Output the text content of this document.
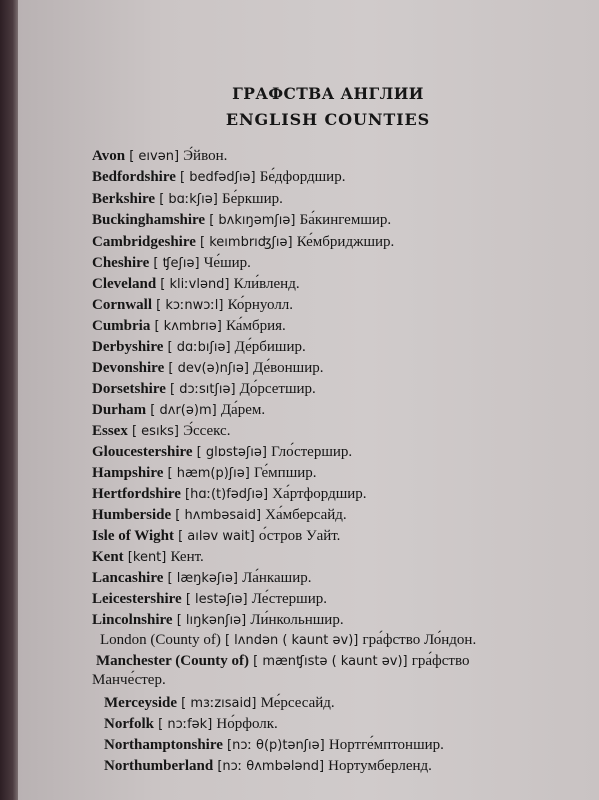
ГРАФСТВА АНГЛИИ
ENGLISH COUNTIES
Avon [ eıvən] Э́йвон.
Bedfordshire [ bedfədʃıə] Бе́дфордшир.
Berkshire [ bɑːkʃıə] Бе́ркшир.
Buckinghamshire [ bʌkıŋəmʃıə] Ба́кингемшир.
Cambridgeshire [ keımbrıʤʃıə] Ке́мбриджшир.
Cheshire [ ʧeʃıə] Че́шир.
Cleveland [ kliːvlənd] Кли́вленд.
Cornwall [ kɔːnwɔːl] Ко́рнуолл.
Cumbria [ kʌmbrıə] Ка́мбрия.
Derbyshire [ dɑːbıʃıə] Де́рбишир.
Devonshire [ dev(ə)nʃıə] Де́воншир.
Dorsetshire [ dɔːsıtʃıə] До́рсетшир.
Durham [ dʌr(ə)m] Да́рем.
Essex [ esıks] Э́ссекс.
Gloucestershire [ glɒstəʃıə] Гло́стершир.
Hampshire [ hæm(p)ʃıə] Ге́мпшир.
Hertfordshire [hɑː(t)fədʃıə] Ха́ртфордшир.
Humberside [ hʌmbəsaid] Ха́мберсайд.
Isle of Wight [ aılәv wait] о́стров Уайт.
Kent [kent] Кент.
Lancashire [ læŋkəʃıə] Ла́нкашир.
Leicestershire [ lestəʃıə] Ле́стершир.
Lincolnshire [ lıŋkənʃıə] Ли́нкольншир.
London (County of) [ lʌndən ( kaunt əv)] гра́фство Ло́ндон.
Manchester (County of) [ mænʧıstə ( kaunt əv)] гра́фство
Манче́стер.
Merceyside [ mɜːzısaid] Ме́рсесайд.
Norfolk [ nɔːfək] Но́рфолк.
Northamptonshire [nɔː θ(p)tənʃıə] Нортге́мптоншир.
Northumberland [nɔː θʌmbələnd] Нортумберленд.
